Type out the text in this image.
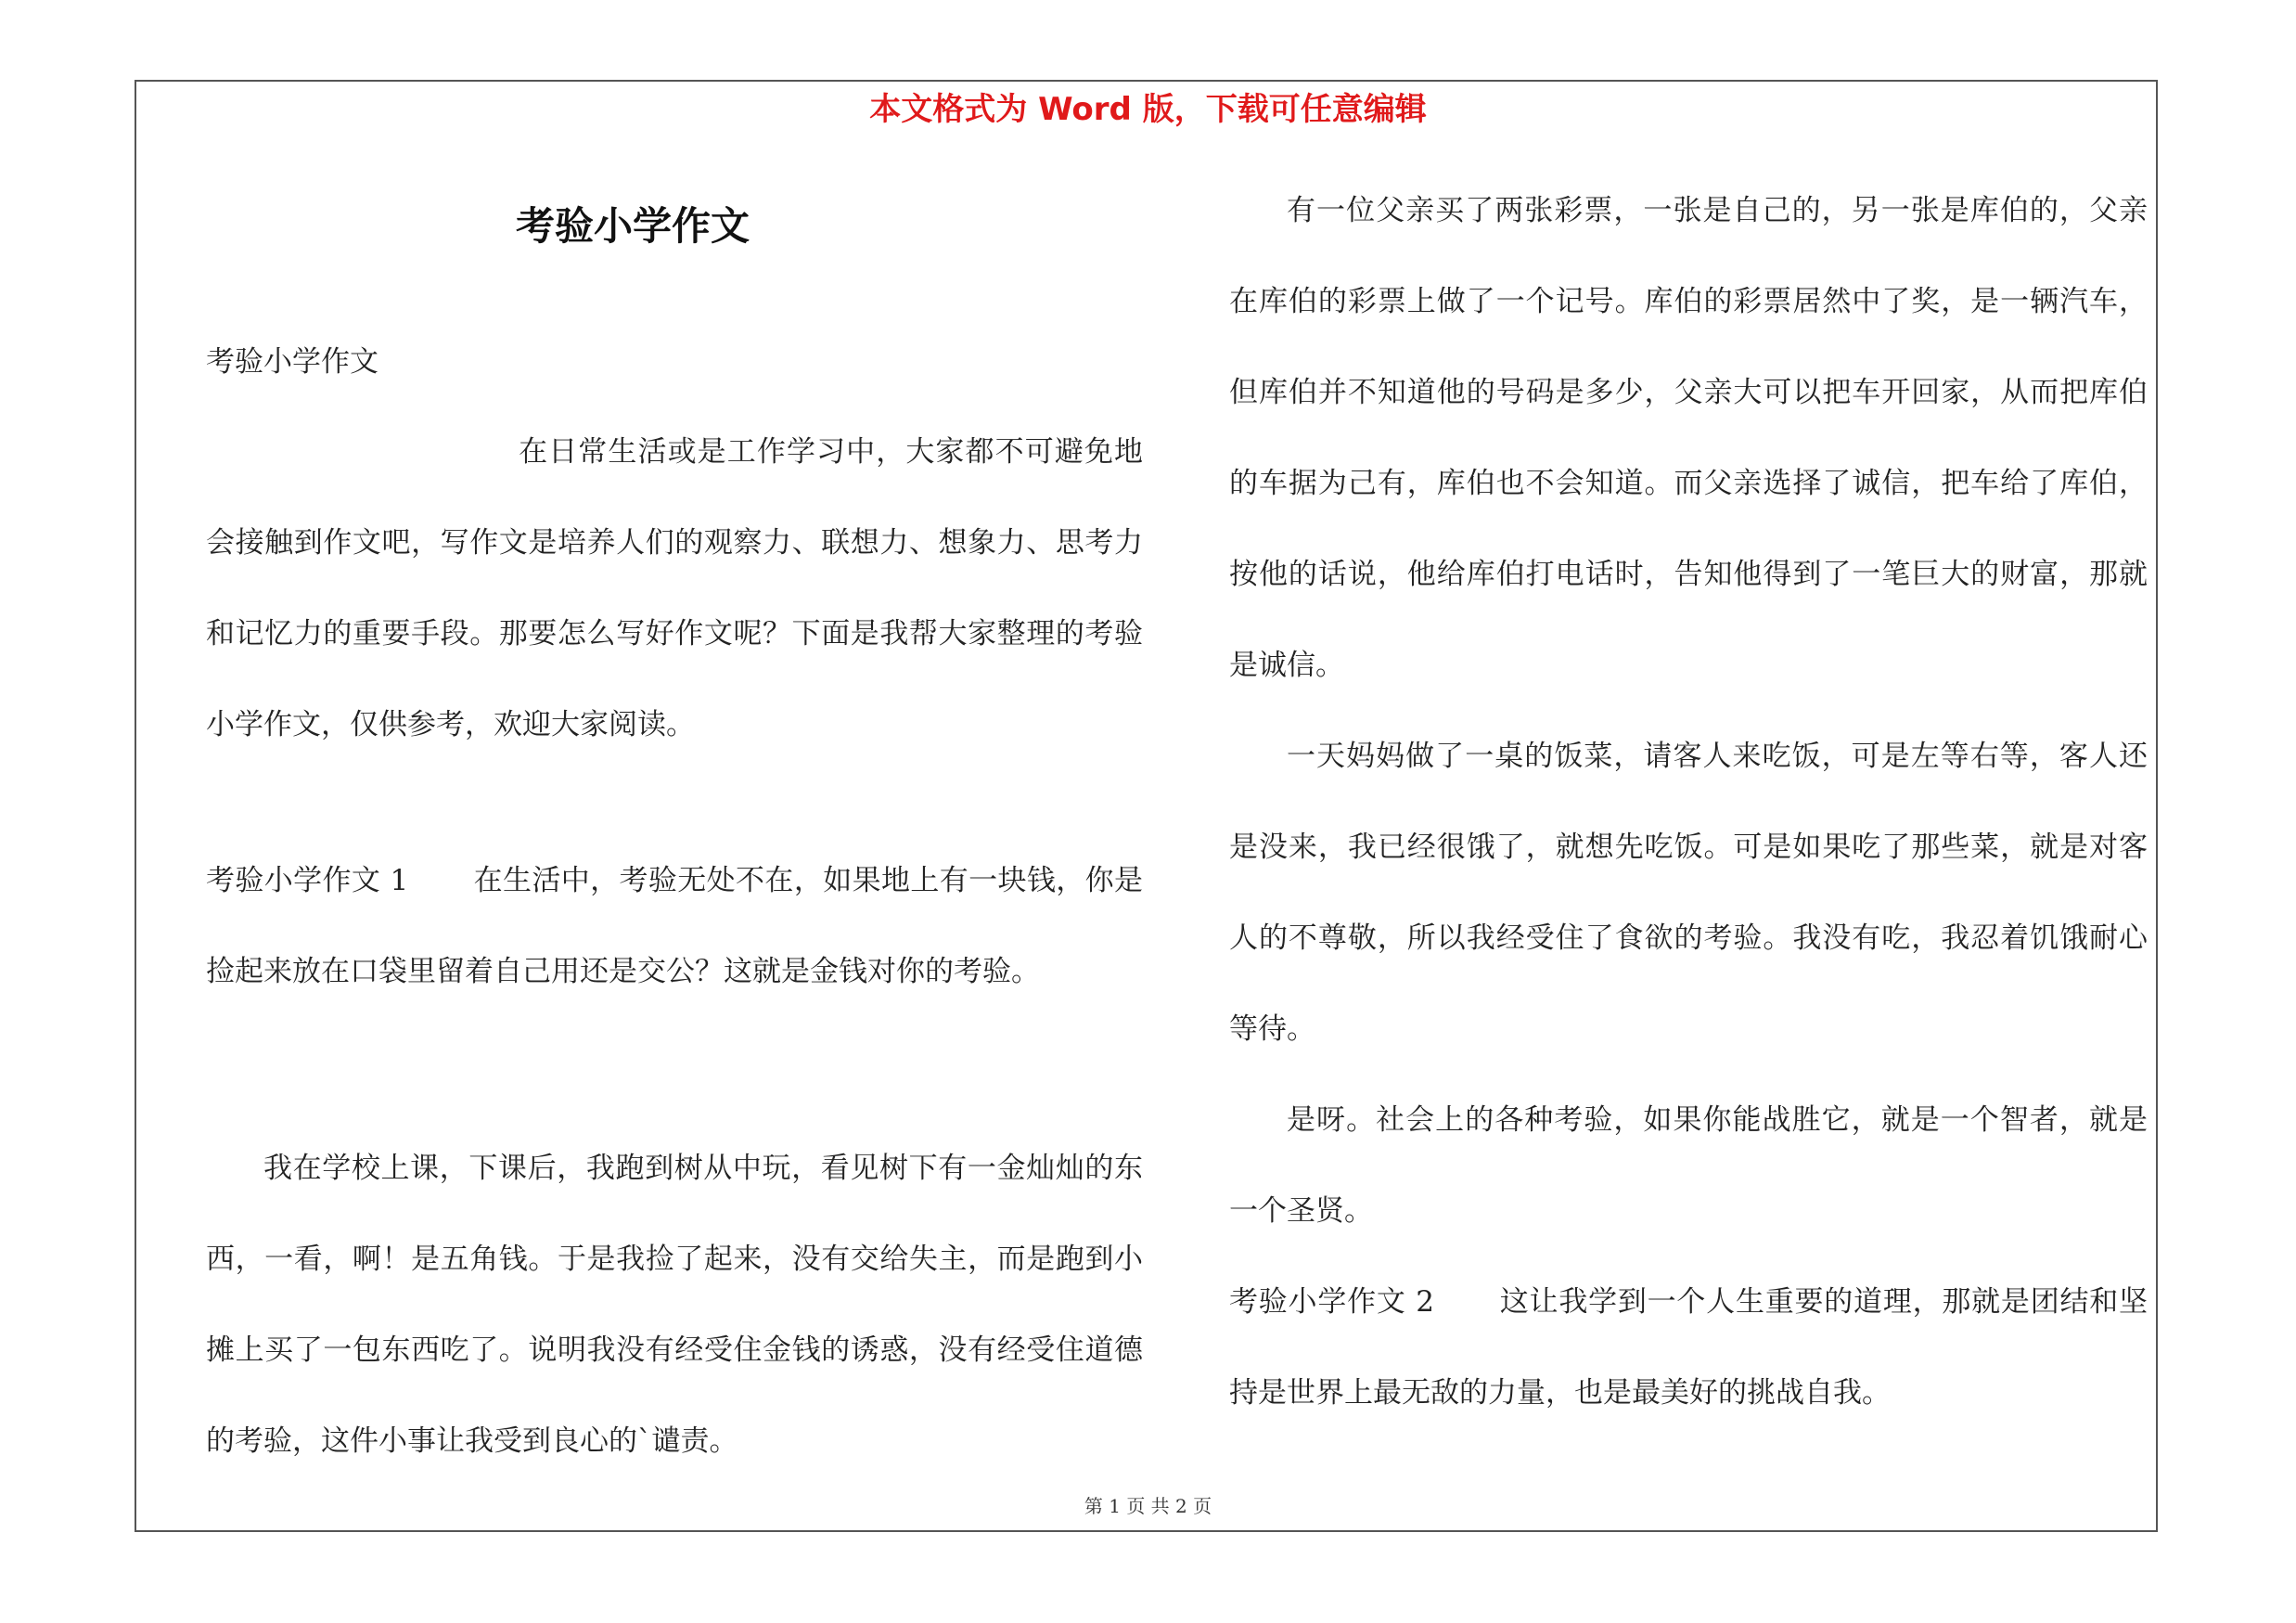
本文格式为 Word 版，下载可任意编辑
考验小学作文

考验小学作文

在日常生活或是工作学习中，大家都不可避免地会接触到作文吧，写作文是培养人们的观察力、联想力、想象力、思考力和记忆力的重要手段。那要怎么写好作文呢？下面是我帮大家整理的考验小学作文，仅供参考，欢迎大家阅读。

考验小学作文 1 在生活中，考验无处不在，如果地上有一块钱，你是捡起来放在口袋里留着自己用还是交公？这就是金钱对你的考验。

我在学校上课，下课后，我跑到树从中玩，看见树下有一金灿灿的东西，一看，啊！是五角钱。于是我捡了起来，没有交给失主，而是跑到小摊上买了一包东西吃了。说明我没有经受住金钱的诱惑，没有经受住道德的考验，这件小事让我受到良心的`谴责。

有一位父亲买了两张彩票，一张是自己的，另一张是库伯的，父亲在库伯的彩票上做了一个记号。库伯的彩票居然中了奖，是一辆汽车，但库伯并不知道他的号码是多少，父亲大可以把车开回家，从而把库伯的车据为己有，库伯也不会知道。而父亲选择了诚信，把车给了库伯，按他的话说，他给库伯打电话时，告知他得到了一笔巨大的财富，那就是诚信。

一天妈妈做了一桌的饭菜，请客人来吃饭，可是左等右等，客人还是没来，我已经很饿了，就想先吃饭。可是如果吃了那些菜，就是对客人的不尊敬，所以我经受住了食欲的考验。我没有吃，我忍着饥饿耐心等待。

是呀。社会上的各种考验，如果你能战胜它，就是一个智者，就是一个圣贤。

考验小学作文 2 这让我学到一个人生重要的道理，那就是团结和坚持是世界上最无敌的力量，也是最美好的挑战自我。

第 1 页 共 2 页
